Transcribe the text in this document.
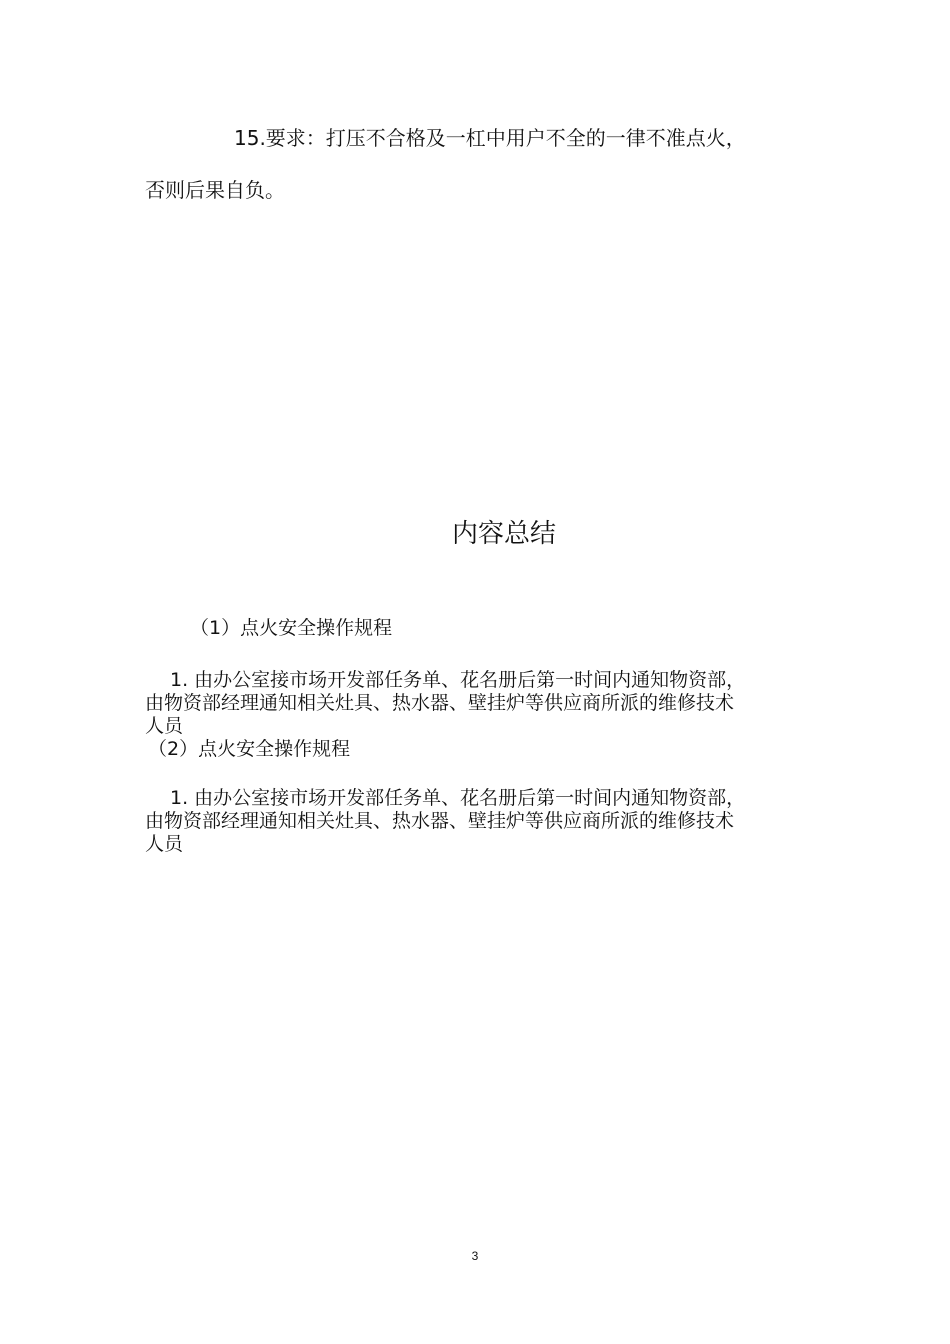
15.要求：打压不合格及一杠中用户不全的一律不准点火，
否则后果自负。
内容总结
（1）点火安全操作规程
1. 由办公室接市场开发部任务单、花名册后第一时间内通知物资部，
由物资部经理通知相关灶具、热水器、壁挂炉等供应商所派的维修技术
人员
（2）点火安全操作规程
1. 由办公室接市场开发部任务单、花名册后第一时间内通知物资部，
由物资部经理通知相关灶具、热水器、壁挂炉等供应商所派的维修技术
人员
3
